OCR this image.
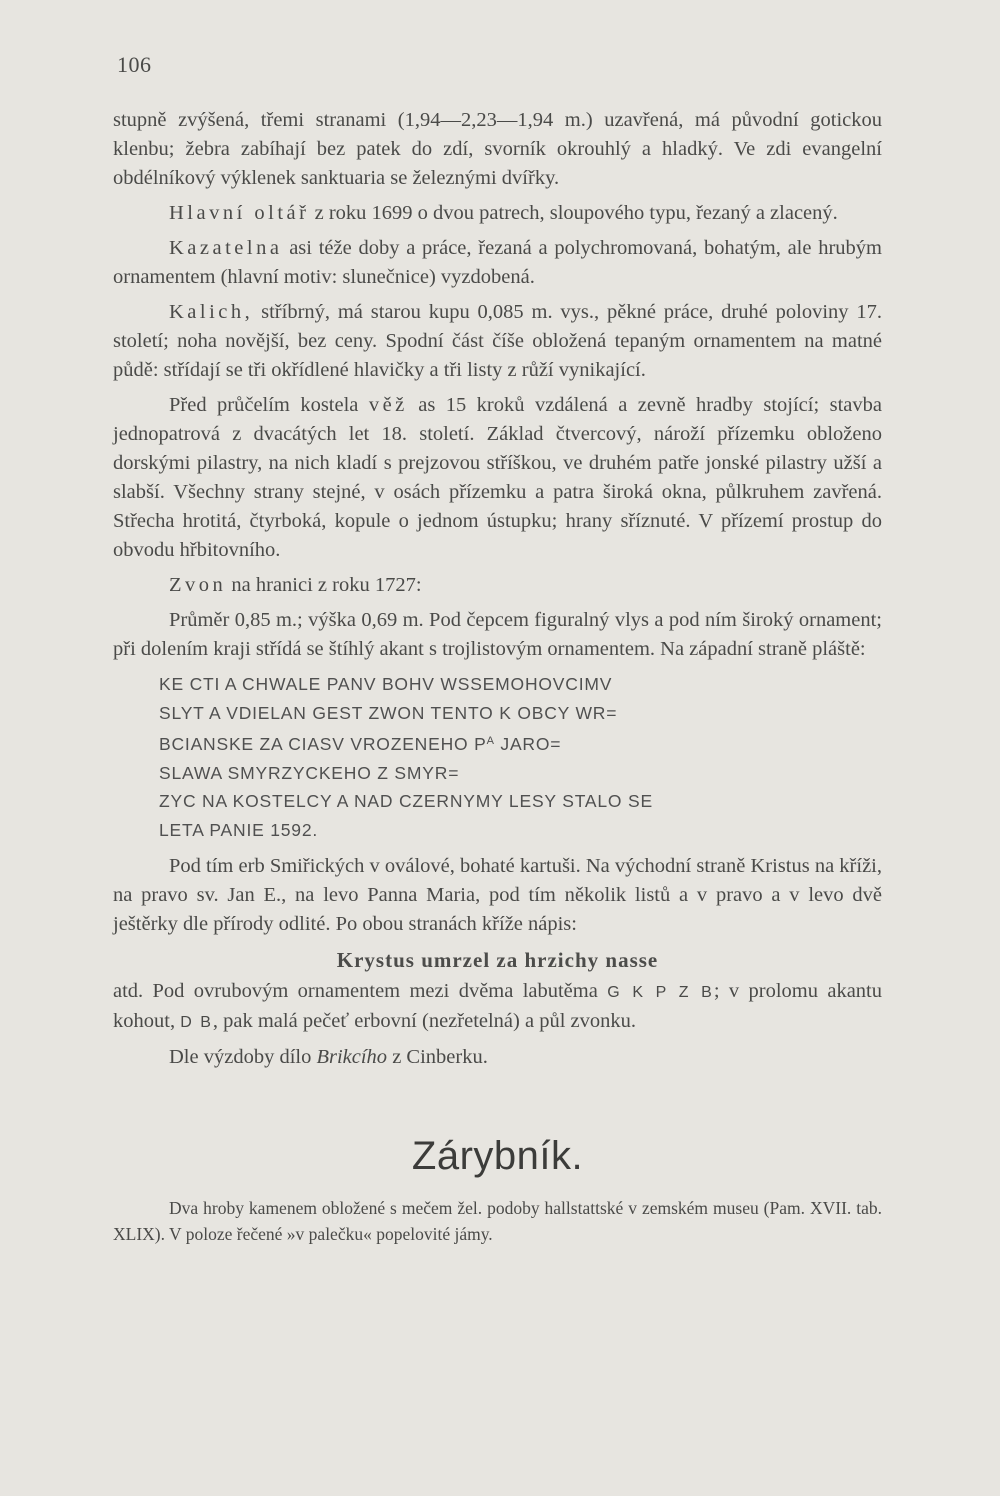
106

stupně zvýšená, třemi stranami (1,94—2,23—1,94 m.) uzavřená, má původní gotickou klenbu; žebra zabíhají bez patek do zdí, svorník okrouhlý a hladký. Ve zdi evangelní obdélníkový výklenek sanktuaria se železnými dvířky.

Hlavní oltář z roku 1699 o dvou patrech, sloupového typu, řezaný a zlacený.

Kazatelna asi téže doby a práce, řezaná a polychromovaná, bohatým, ale hrubým ornamentem (hlavní motiv: slunečnice) vyzdobená.

Kalich, stříbrný, má starou kupu 0,085 m. vys., pěkné práce, druhé poloviny 17. století; noha novější, bez ceny. Spodní část číše obložená tepaným ornamentem na matné půdě: střídají se tři okřídlené hlavičky a tři listy z růží vynikající.

Před průčelím kostela věž as 15 kroků vzdálená a zevně hradby stojící; stavba jednopatrová z dvacátých let 18. století. Základ čtvercový, nároží přízemku obloženo dorskými pilastry, na nich kladí s prejzovou stříškou, ve druhém patře jonské pilastry užší a slabší. Všechny strany stejné, v osách přízemku a patra široká okna, půlkruhem zavřená. Střecha hrotitá, čtyrboká, kopule o jednom ústupku; hrany sříznuté. V přízemí prostup do obvodu hřbitovního.

Zvon na hranici z roku 1727:

Průměr 0,85 m.; výška 0,69 m. Pod čepcem figuralný vlys a pod ním široký ornament; při dolením kraji střídá se štíhlý akant s trojlistovým ornamentem. Na západní straně pláště:

KE CTI A CHWALE PANV BOHV WSSEMOHOVCIMV
SLYT A VDIELAN GEST ZWON TENTO K OBCY WR=
BCIANSKE ZA CIASV VROZENEHO $P^A$ JARO=
SLAWA SMYRZYCKEHO Z SMYR=
ZYC NA KOSTELCY A NAD CZERNYMY LESY STALO SE
LETA PANIE 1592.

Pod tím erb Smiřických v oválové, bohaté kartuši. Na východní straně Kristus na kříži, na pravo sv. Jan E., na levo Panna Maria, pod tím několik listů a v pravo a v levo dvě ještěrky dle přírody odlité. Po obou stranách kříže nápis:

Krystus umrzel za hrzichy nasse

atd. Pod ovrubovým ornamentem mezi dvěma labutěma G K P Z B; v prolomu akantu kohout, D B, pak malá pečeť erbovní (nezřetelná) a půl zvonku.

Dle výzdoby dílo Brikcího z Cinberku.

Zárybník.

Dva hroby kamenem obložené s mečem žel. podoby hallstattské v zemském museu (Pam. XVII. tab. XLIX). V poloze řečené »v palečku« popelovité jámy.
